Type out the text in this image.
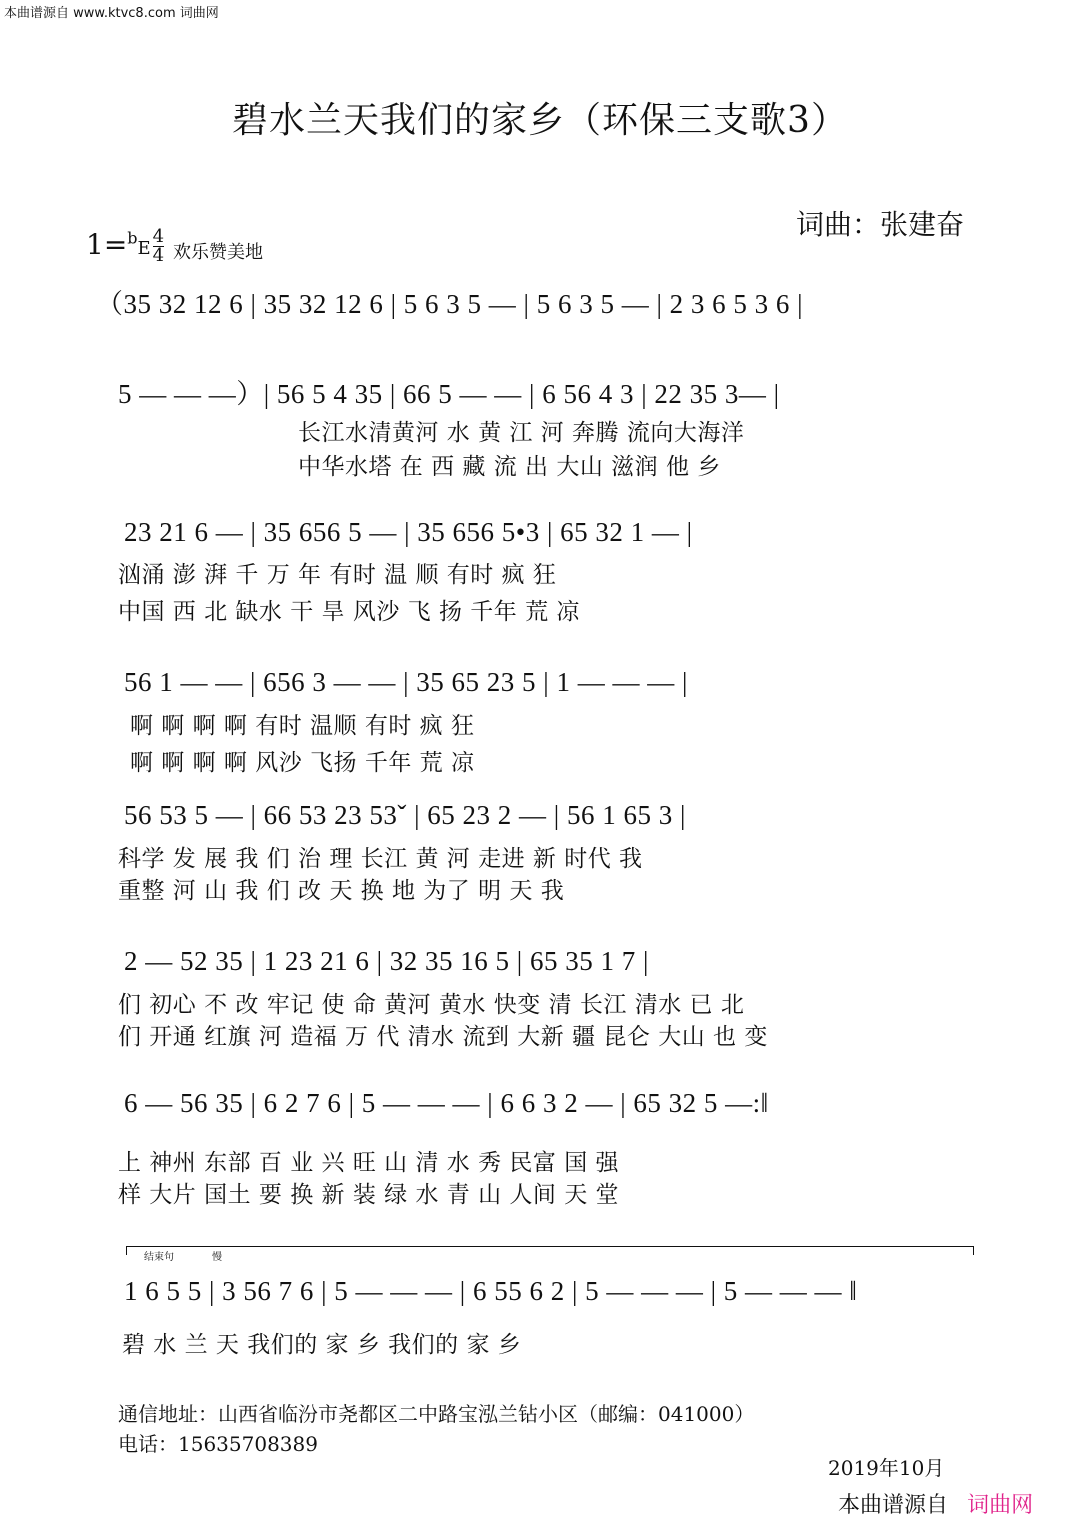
本曲谱源自 www.ktvc8.com 词曲网
碧水兰天我们的家乡（环保三支歌3）
词曲：张建奋
$1=^bE \frac{4}{4}$ 欢乐赞美地
（35 32 12 6 | 35 32 12 6 | 5 6 3 5 — | 5 6 3 5 — | 2 3 6 5 3 6 |
5 — — —）| 56 5 4 35 | 66 5 — — | 6 56 4 3 | 22 35 3— |
长江水清黄河 水 黄 江 河 奔腾 流向大海洋
中华水塔 在 西 藏 流 出 大山 滋润 他 乡
23 21 6 — | 35 656 5 — | 35 656 5•3 | 65 32 1 — |
汹涌 澎 湃 千 万 年 有时 温 顺 有时 疯 狂
中国 西 北 缺水 干 旱 风沙 飞 扬 千年 荒 凉
56 1 — — | 656 3 — — | 35 65 23 5 | 1 — — — |
啊 啊 啊 啊 有时 温顺 有时 疯 狂
啊 啊 啊 啊 风沙 飞扬 千年 荒 凉
56 53 5 — | 66 53 23 53ˇ | 65 23 2 — | 56 1 65 3 |
科学 发 展 我 们 治 理 长江 黄 河 走进 新 时代 我
重整 河 山 我 们 改 天 换 地 为了 明 天 我
2 — 52 35 | 1 23 21 6 | 32 35 16 5 | 65 35 1 7 |
们 初心 不 改 牢记 使 命 黄河 黄水 快变 清 长江 清水 已 北
们 开通 红旗 河 造福 万 代 清水 流到 大新 疆 昆仑 大山 也 变
6 — 56 35 | 6 2 7 6 | 5 — — — | 6 6 3 2 — | 65 32 5 —:‖
上 神州 东部 百 业 兴 旺 山 清 水 秀 民富 国 强
样 大片 国土 要 换 新 装 绿 水 青 山 人间 天 堂
结束句	慢
1 6 5 5 | 3 56 7 6 | 5 — — — | 6 55 6 2 | 5 — — — | 5 — — — ‖
碧 水 兰 天 我们的 家 乡 我们的 家 乡
通信地址：山西省临汾市尧都区二中路宝泓兰钻小区（邮编：041000）
电话：15635708389
2019年10月
本曲谱源自 词曲网
